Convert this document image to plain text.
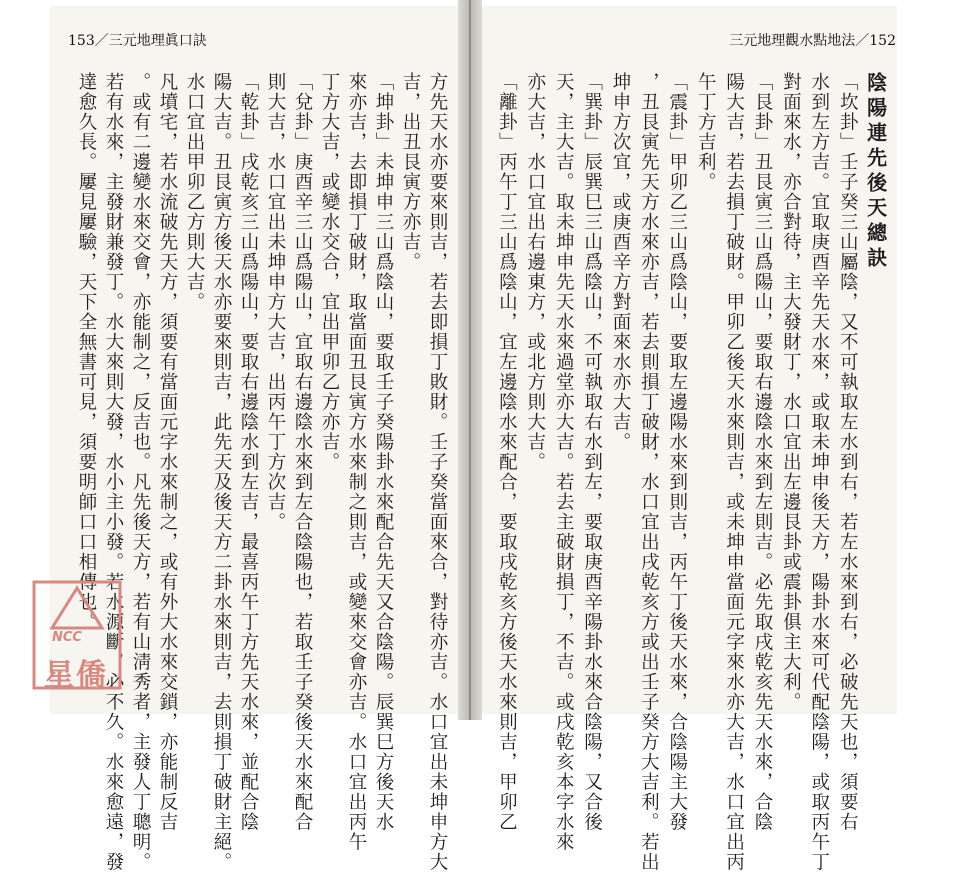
153／三元地理眞口訣	三元地理觀水點地法／152
方先天水亦要來則吉，若去即損丁敗財。壬子癸當面來合，對待亦吉。水口宜出未坤申方大
吉，出丑艮寅方亦吉。
「坤卦」未坤申三山爲陰山，要取壬子癸陽卦水來配合先天又合陰陽。辰巽巳方後天水
來亦吉，去即損丁破財，取當面丑艮寅方水來制之則吉，或變來交會亦吉。水口宜出丙午
丁方大吉，或變水交合，宜出甲卯乙方亦吉。
「兌卦」庚酉辛三山爲陽山，宜取右邊陰水來到左合陰陽也，若取壬子癸後天水來配合
則大吉，水口宜出未坤申方大吉，出丙午丁方次吉。
「乾卦」戌乾亥三山爲陽山，要取右邊陰水到左吉，最喜丙午丁方先天水來，並配合陰
陽大吉。丑艮寅方後天水亦要來則吉，此先天及後天方二卦水來則吉，去則損丁破財主絕。
水口宜出甲卯乙方則大吉。
凡墳宅，若水流破先天方，須要有當面元字水來制之，或有外大水來交鎖，亦能制反吉
。或有二邊變水來交會，亦能制之，反吉也。凡先後天方，若有山淸秀者，主發人丁聰明。
若有水來，主發財兼發丁。水大來則大發，水小主小發。若水源斷，必不久。水來愈遠，發
達愈久長。屢見屢驗，天下全無書可見，須要明師口口相傳也。	陰陽連先後天總訣
「坎卦」壬子癸三山屬陰，又不可執取左水到右，若左水來到右，必破先天也，須要右
水到左方吉。宜取庚酉辛先天水來，或取未坤申後天方，陽卦水來可代配陰陽，或取丙午丁
對面來水，亦合對待，主大發財丁，水口宜出左邊艮卦或震卦俱主大利。
「艮卦」丑艮寅三山爲陽山，要取右邊陰水來到左則吉。必先取戌乾亥先天水來，合陰
陽大吉，若去損丁破財。甲卯乙後天水來則吉，或未坤申當面元字來水亦大吉，水口宜出丙
午丁方吉利。
「震卦」甲卯乙三山爲陰山，要取左邊陽水來到則吉，丙午丁後天水來，合陰陽主大發
，丑艮寅先天方水來亦吉，若去則損丁破財，水口宜出戌乾亥方或出壬子癸方大吉利。若出
坤申方次宜，或庚酉辛方對面來水亦大吉。
「巽卦」辰巽巳三山爲陰山，不可執取右水到左，要取庚酉辛陽卦水來合陰陽，又合後
天，主大吉。取未坤申先天水來過堂亦大吉。若去主破財損丁，不吉。或戌乾亥本字水來
亦大吉，水口宜出右邊東方，或北方則大吉。
「離卦」丙午丁三山爲陰山，宜左邊陰水來配合，要取戌乾亥方後天水來則吉，甲卯乙
NCC
星僑
